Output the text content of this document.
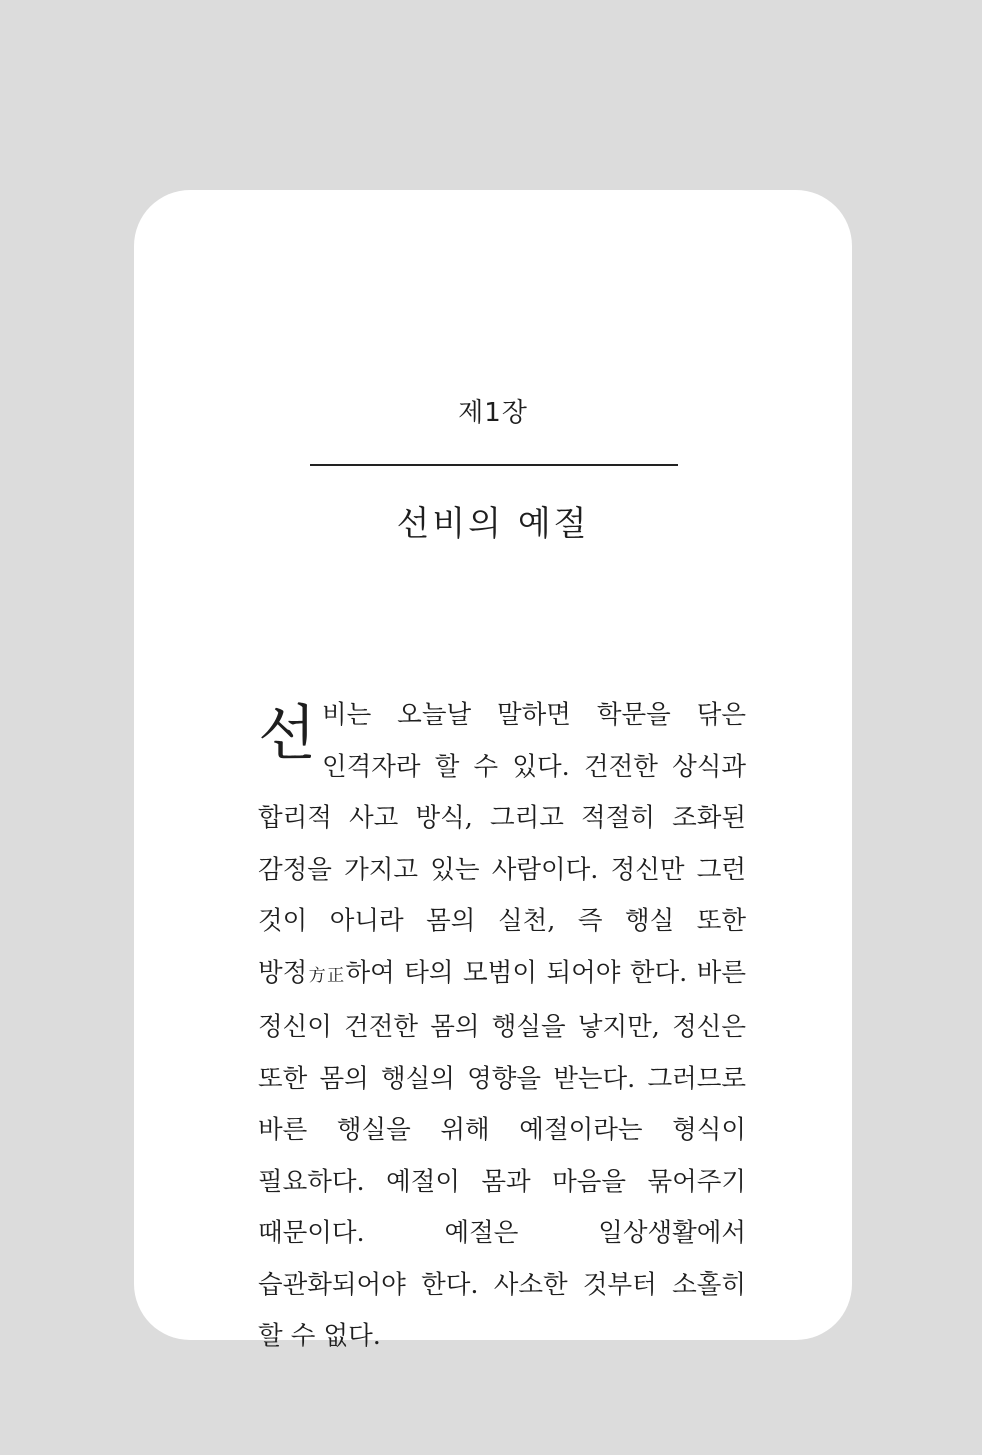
제1장
선비의 예절

선비는 오늘날 말하면 학문을 닦은 인격자라 할 수 있다. 건전한 상식과 합리적 사고 방식, 그리고 적절히 조화된 감정을 가지고 있는 사람이다. 정신만 그런 것이 아니라 몸의 실천, 즉 행실 또한 방정方正하여 타의 모범이 되어야 한다. 바른 정신이 건전한 몸의 행실을 낳지만, 정신은 또한 몸의 행실의 영향을 받는다. 그러므로 바른 행실을 위해 예절이라는 형식이 필요하다. 예절이 몸과 마음을 묶어주기 때문이다. 예절은 일상생활에서 습관화되어야 한다. 사소한 것부터 소홀히 할 수 없다.
